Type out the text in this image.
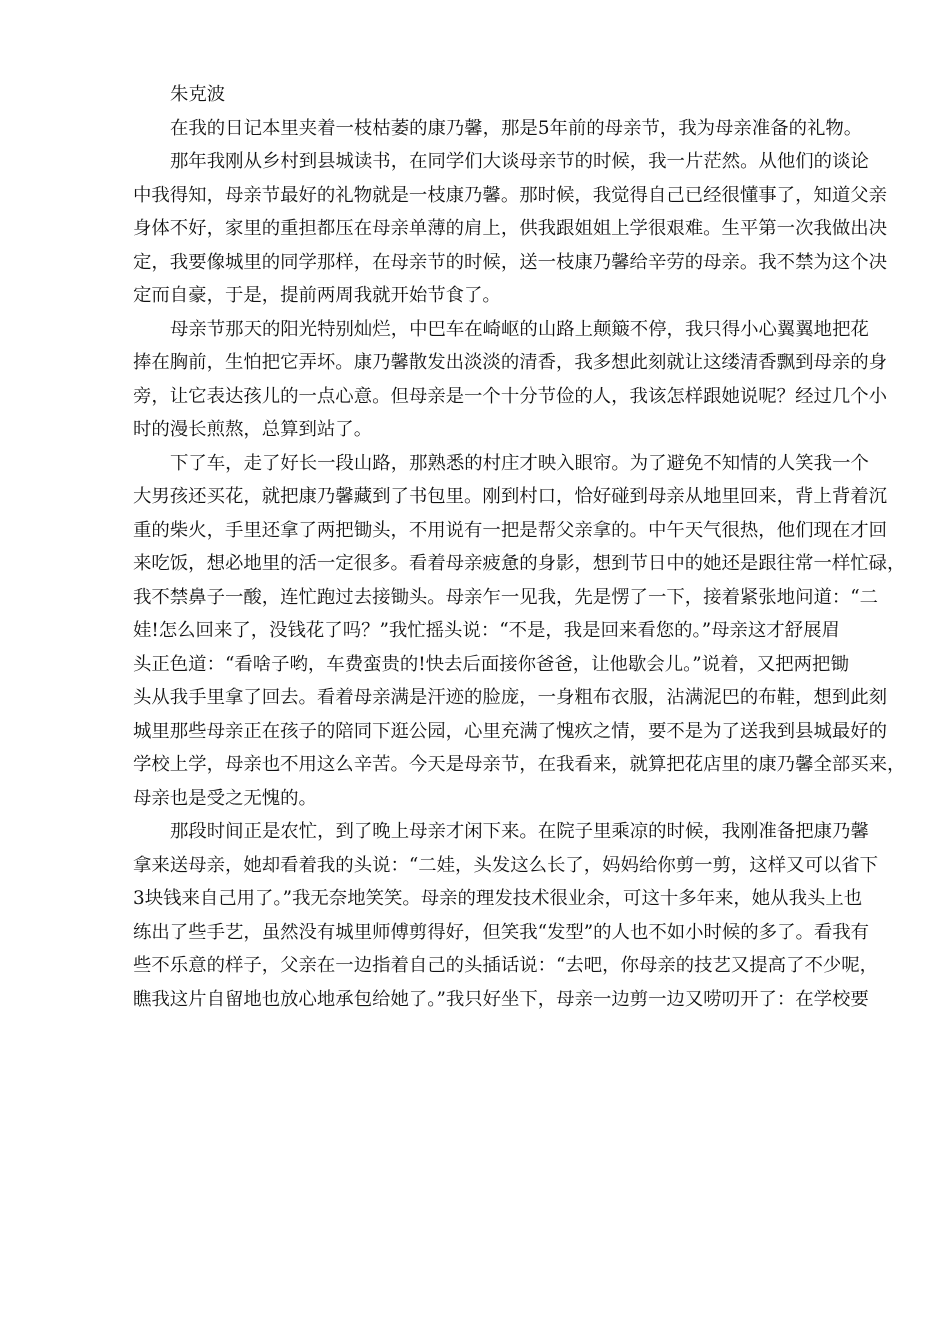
朱克波
在我的日记本里夹着一枝枯萎的康乃馨，那是5年前的母亲节，我为母亲准备的礼物。
那年我刚从乡村到县城读书，在同学们大谈母亲节的时候，我一片茫然。从他们的谈论
中我得知，母亲节最好的礼物就是一枝康乃馨。那时候，我觉得自己已经很懂事了，知道父亲
身体不好，家里的重担都压在母亲单薄的肩上，供我跟姐姐上学很艰难。生平第一次我做出决
定，我要像城里的同学那样，在母亲节的时候，送一枝康乃馨给辛劳的母亲。我不禁为这个决
定而自豪，于是，提前两周我就开始节食了。
母亲节那天的阳光特别灿烂，中巴车在崎岖的山路上颠簸不停，我只得小心翼翼地把花
捧在胸前，生怕把它弄坏。康乃馨散发出淡淡的清香，我多想此刻就让这缕清香飘到母亲的身
旁，让它表达孩儿的一点心意。但母亲是一个十分节俭的人，我该怎样跟她说呢？经过几个小
时的漫长煎熬，总算到站了。
下了车，走了好长一段山路，那熟悉的村庄才映入眼帘。为了避免不知情的人笑我一个
大男孩还买花，就把康乃馨藏到了书包里。刚到村口，恰好碰到母亲从地里回来，背上背着沉
重的柴火，手里还拿了两把锄头，不用说有一把是帮父亲拿的。中午天气很热，他们现在才回
来吃饭，想必地里的活一定很多。看着母亲疲惫的身影，想到节日中的她还是跟往常一样忙碌，
我不禁鼻子一酸，连忙跑过去接锄头。母亲乍一见我，先是愣了一下，接着紧张地问道：“二
娃!怎么回来了，没钱花了吗？”我忙摇头说：“不是，我是回来看您的。”母亲这才舒展眉
头正色道：“看啥子哟，车费蛮贵的!快去后面接你爸爸，让他歇会儿。”说着，又把两把锄
头从我手里拿了回去。看着母亲满是汗迹的脸庞，一身粗布衣服，沾满泥巴的布鞋，想到此刻
城里那些母亲正在孩子的陪同下逛公园，心里充满了愧疚之情，要不是为了送我到县城最好的
学校上学，母亲也不用这么辛苦。今天是母亲节，在我看来，就算把花店里的康乃馨全部买来，
母亲也是受之无愧的。
那段时间正是农忙，到了晚上母亲才闲下来。在院子里乘凉的时候，我刚准备把康乃馨
拿来送母亲，她却看着我的头说：“二娃，头发这么长了，妈妈给你剪一剪，这样又可以省下
3块钱来自己用了。”我无奈地笑笑。母亲的理发技术很业余，可这十多年来，她从我头上也
练出了些手艺，虽然没有城里师傅剪得好，但笑我“发型”的人也不如小时候的多了。看我有
些不乐意的样子，父亲在一边指着自己的头插话说：“去吧，你母亲的技艺又提高了不少呢，
瞧我这片自留地也放心地承包给她了。”我只好坐下，母亲一边剪一边又唠叨开了：在学校要
